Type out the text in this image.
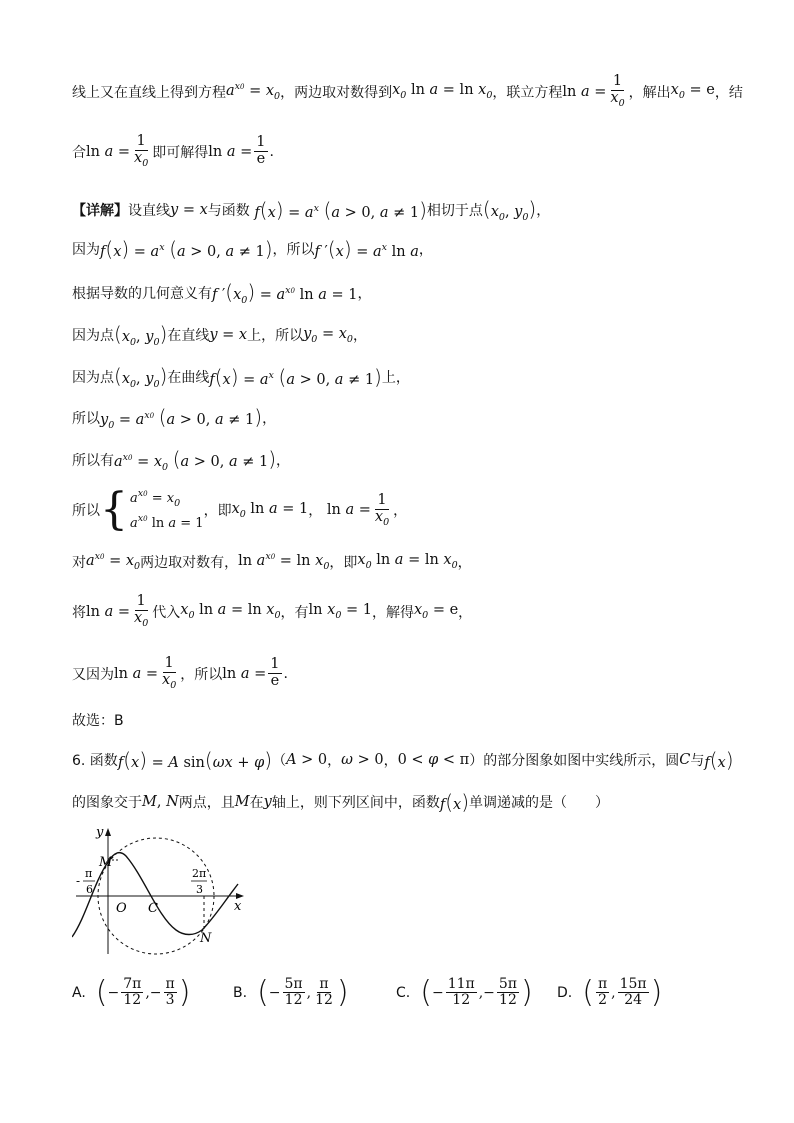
线上又在直线上得到方程 $a^{x0} = x_0$ ，两边取对数得到 $x_0$ $\ln a = \ln x_0$ ，联立方程 $\ln a = \frac{1}{x_0}$ ，解出 $x_0 = e$ ，结
合 $\ln a = \frac{1}{x_0}$ 即可解得 $\ln a = \frac{1}{e}$ .
【详解】 设直线 y = x 与函数 $f(x) = a^x$ (a > 0, a ≠ 1) 相切于点 ($x_0$, $y_0$) ，
因为 $f(x) = a^x$ (a > 0, a ≠ 1) ，所以 f $'(x) = a^x$ ln a ，
根据导数的几何意义有 f $'(x_0) = a^{x0}$ ln a = 1 ，
因为点 ($x_0$, $y_0$) 在直线 y = x 上，所以 $y_0 = x_0$ ，
因为点 ($x_0$, $y_0$) 在曲线 $f(x) = a^x$ (a > 0, a ≠ 1) 上，
所以 $y_0 = a^{x0}$ (a > 0, a ≠ 1) ，
所以有 $a^{x0} = x_0$ (a > 0, a ≠ 1) ，
所以 { $a^{x0} = x_0$
$a^{x0}$ ln a = 1
，即 $x_0$ ln a = 1 ， $\ln a = \frac{1}{x_0}$ ，
对 $a^{x0} = x_0$ 两边取对数有， $\ln a^{x0} = \ln x_0$ ，即 $x_0$ $\ln a = \ln x_0$ ，
将 $\ln a = \frac{1}{x_0}$ 代入 $x_0$ $\ln a = \ln x_0$ ，有 $\ln x_0 = 1$ ，解得 $x_0 = e$ ，
又因为 $\ln a = \frac{1}{x_0}$ ，所以 $\ln a = \frac{1}{e}$ .
故选：B
6. 函数 f(x) = A sin(ωx + φ) （ A > 0 ， ω > 0 ， 0 < φ < π ）的部分图象如图中实线所示，圆 C 与 f(x)
的图象交于 M, N 两点，且 M 在 y 轴上，则下列区间中，函数 f(x) 单调递减的是（　　）
y
x
M
N
O C
-
π
6
2π
3
A. ( − $\frac{7\pi}{12}$ ,− $\frac{\pi}{3}$ )	B. ( − $\frac{5\pi}{12}$ , $\frac{\pi}{12}$ )	C. ( − $\frac{11\pi}{12}$ ,− $\frac{5\pi}{12}$ ) D. ( $\frac{\pi}{2}$ , $\frac{15\pi}{24}$ )
